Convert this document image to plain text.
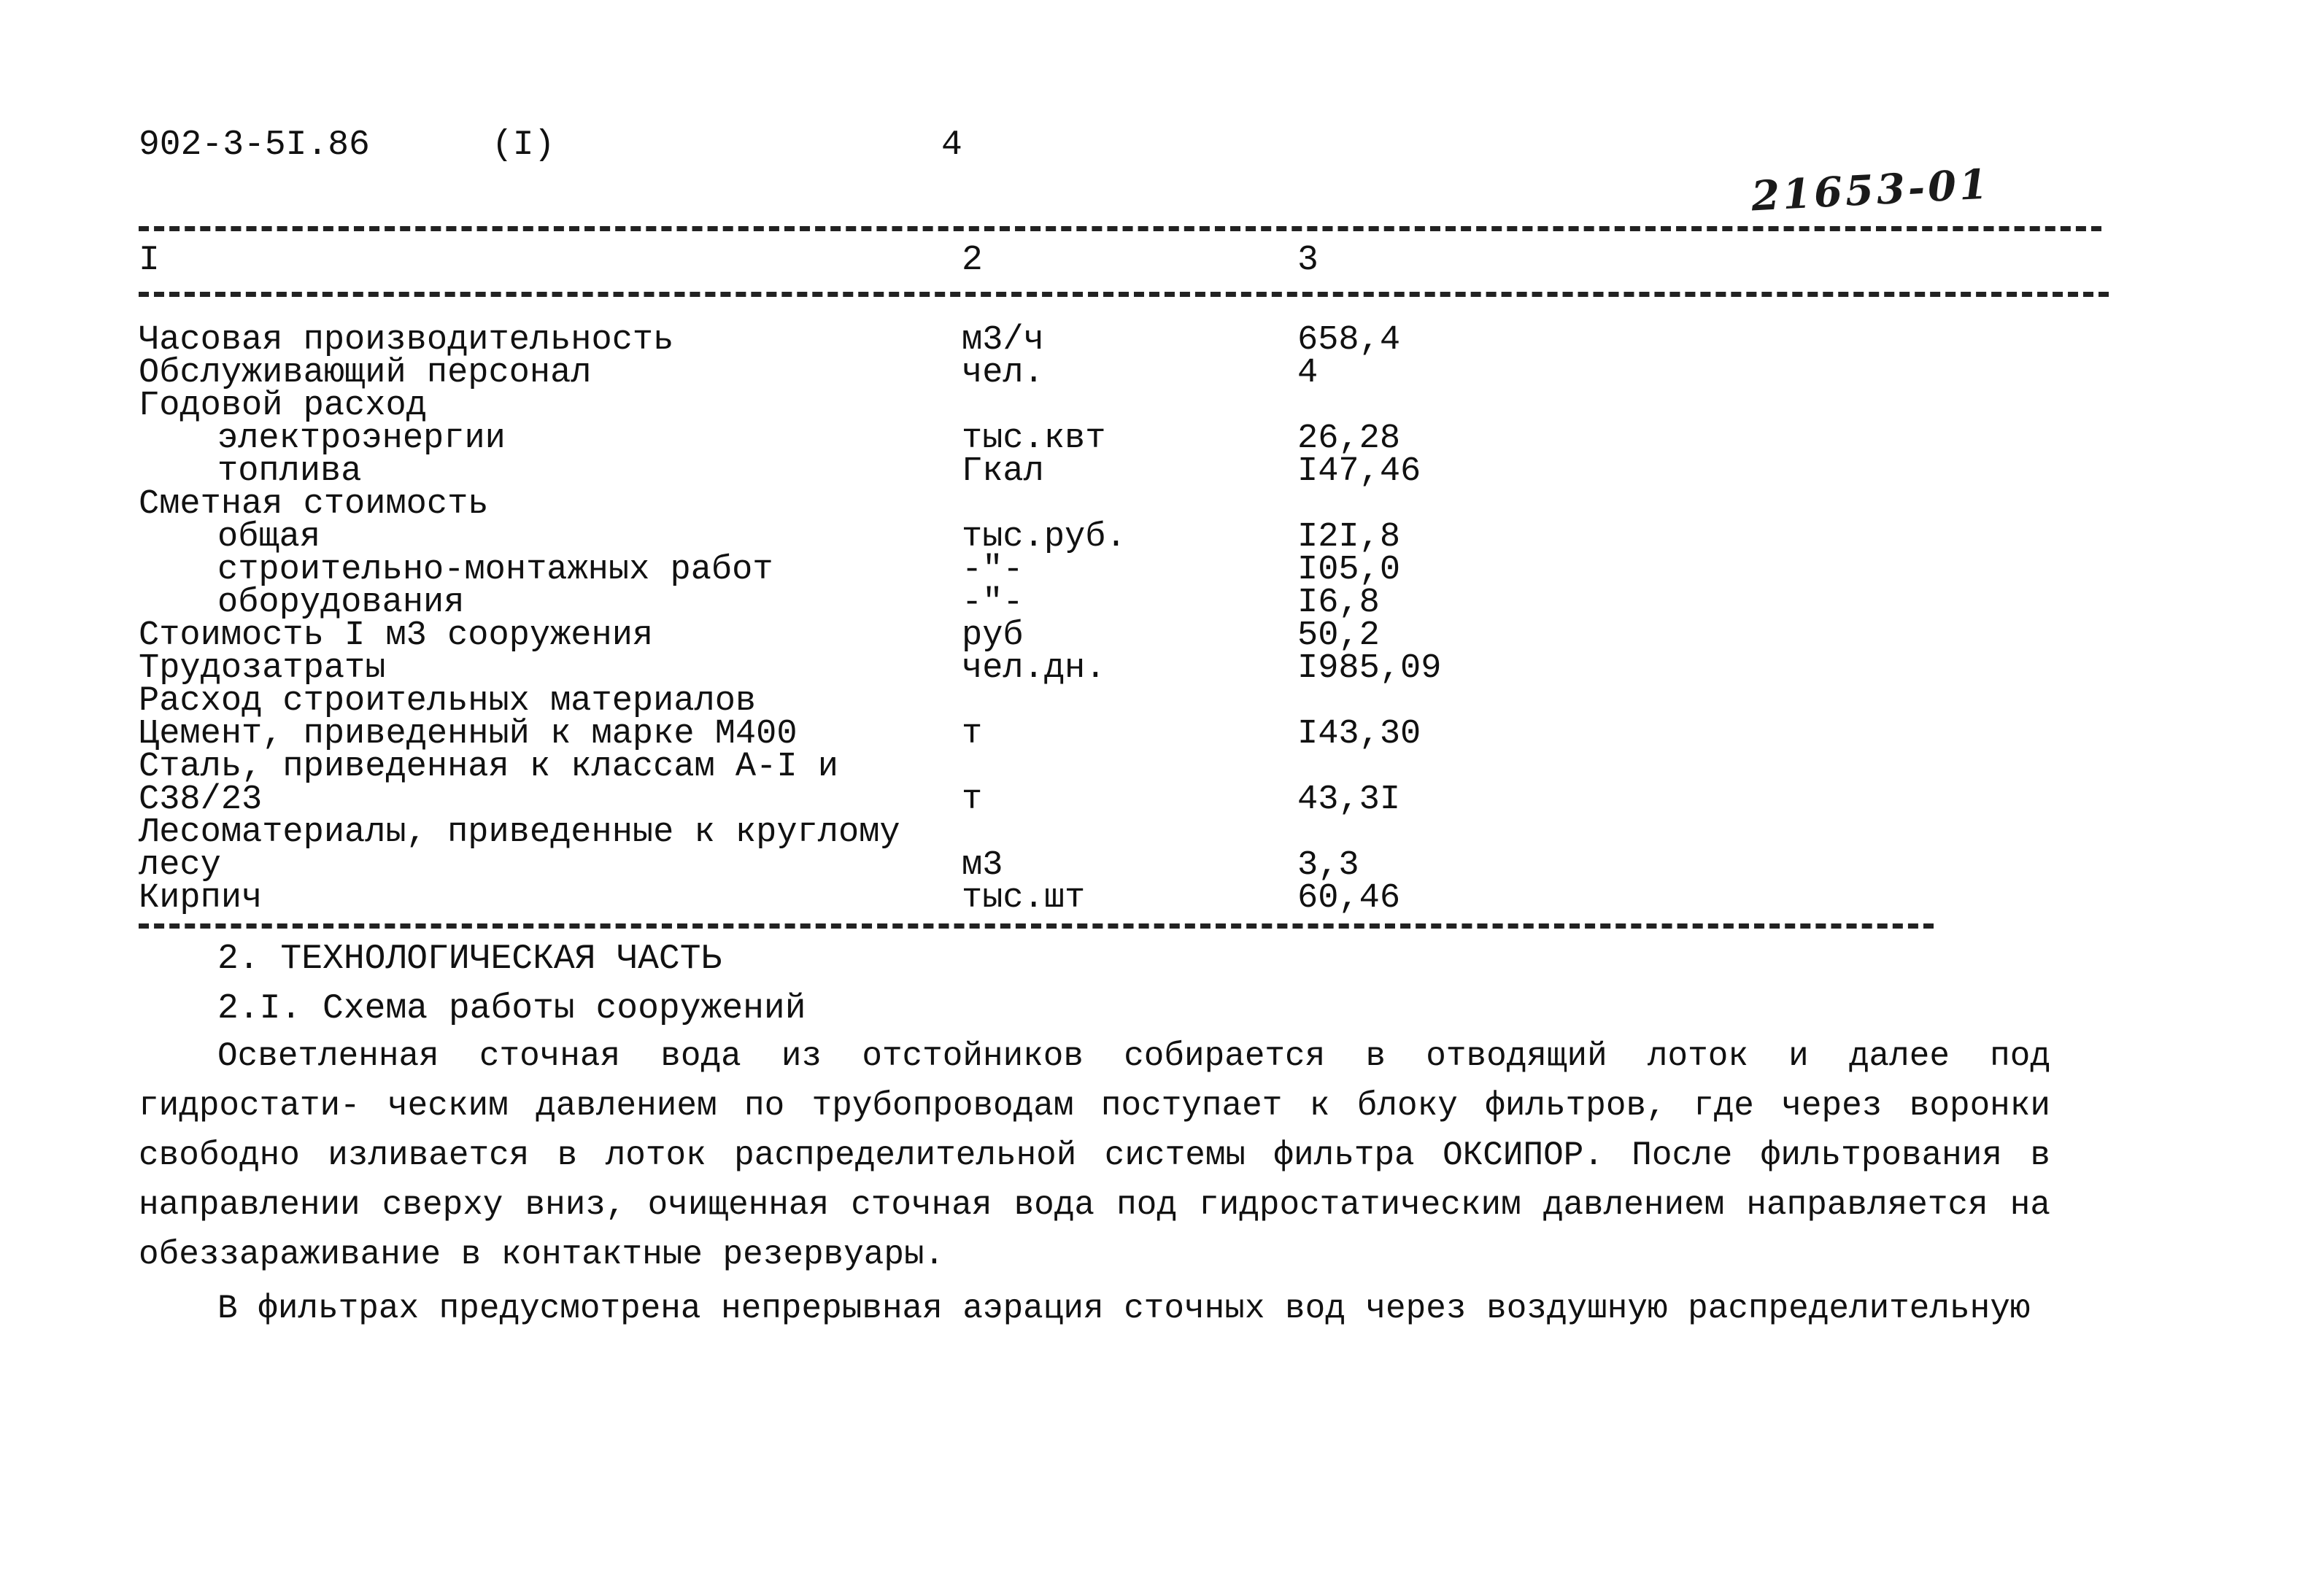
902-3-5I.86	(I)	4
21653-01
I	2	3
Часовая производительность	м3/ч	658,4
Обслуживающий персонал	чел.	4
Годовой расход
электроэнергии	тыс.квт	26,28
топлива	Гкал	I47,46
Сметная стоимость
общая	тыс.руб.	I2I,8
строительно-монтажных работ	-"-	I05,0
оборудования	-"-	I6,8
Стоимость I м3 сооружения	руб	50,2
Трудозатраты	чел.дн.	I985,09
Расход строительных материалов
Цемент, приведенный к марке М400	т	I43,30
Сталь, приведенная к классам А-I и
С38/23	т	43,3I
Лесоматериалы, приведенные к круглому
лесу	м3	3,3
Кирпич	тыс.шт	60,46
2. ТЕХНОЛОГИЧЕСКАЯ ЧАСТЬ
2.I. Схема работы сооружений

Осветленная сточная вода из отстойников собирается в отводящий лоток и далее под гидростати- ческим давлением по трубопроводам поступает к блоку фильтров, где через воронки свободно изливается в лоток распределительной системы фильтра ОКСИПОР. После фильтрования в направлении сверху вниз, очищенная сточная вода под гидростатическим давлением направляется на обеззараживание в контактные резервуары.

В фильтрах предусмотрена непрерывная аэрация сточных вод через воздушную распределительную
